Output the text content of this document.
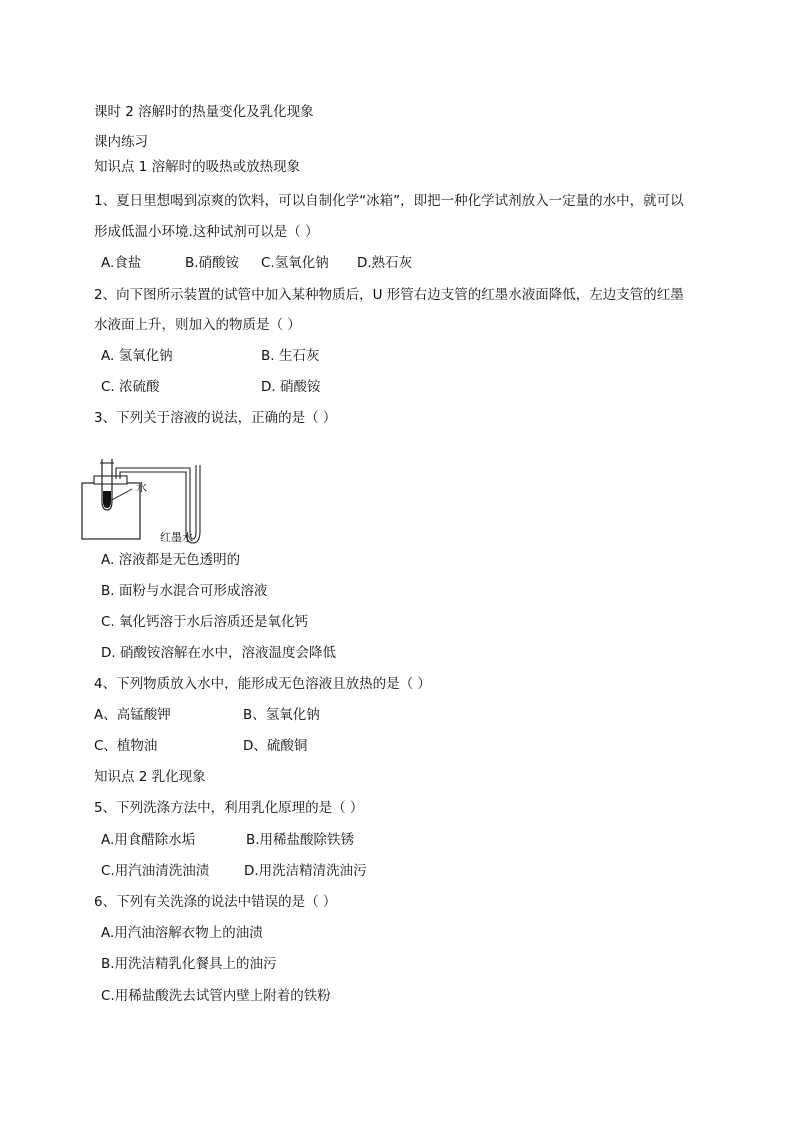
课时 2 溶解时的热量变化及乳化现象
课内练习
知识点 1 溶解时的吸热或放热现象
1、夏日里想喝到凉爽的饮料，可以自制化学“冰箱”，即把一种化学试剂放入一定量的水中，就可以
形成低温小环境.这种试剂可以是（ ）
A.食盐	B.硝酸铵 C.氢氧化钠 D.熟石灰
2、向下图所示装置的试管中加入某种物质后，U 形管右边支管的红墨水液面降低，左边支管的红墨
水液面上升，则加入的物质是（ ）
A. 氢氧化钠	B. 生石灰
C. 浓硫酸	D. 硝酸铵
3、下列关于溶液的说法，正确的是（ ）
水
红墨水
A. 溶液都是无色透明的
B. 面粉与水混合可形成溶液
C. 氧化钙溶于水后溶质还是氧化钙
D. 硝酸铵溶解在水中，溶液温度会降低
4、下列物质放入水中，能形成无色溶液且放热的是（ ）
A、高锰酸钾	B、氢氧化钠
C、植物油	D、硫酸铜
知识点 2 乳化现象
5、下列洗涤方法中，利用乳化原理的是（ ）
A.用食醋除水垢	B.用稀盐酸除铁锈
C.用汽油清洗油渍	D.用洗洁精清洗油污
6、下列有关洗涤的说法中错误的是（ ）
A.用汽油溶解衣物上的油渍
B.用洗洁精乳化餐具上的油污
C.用稀盐酸洗去试管内壁上附着的铁粉
